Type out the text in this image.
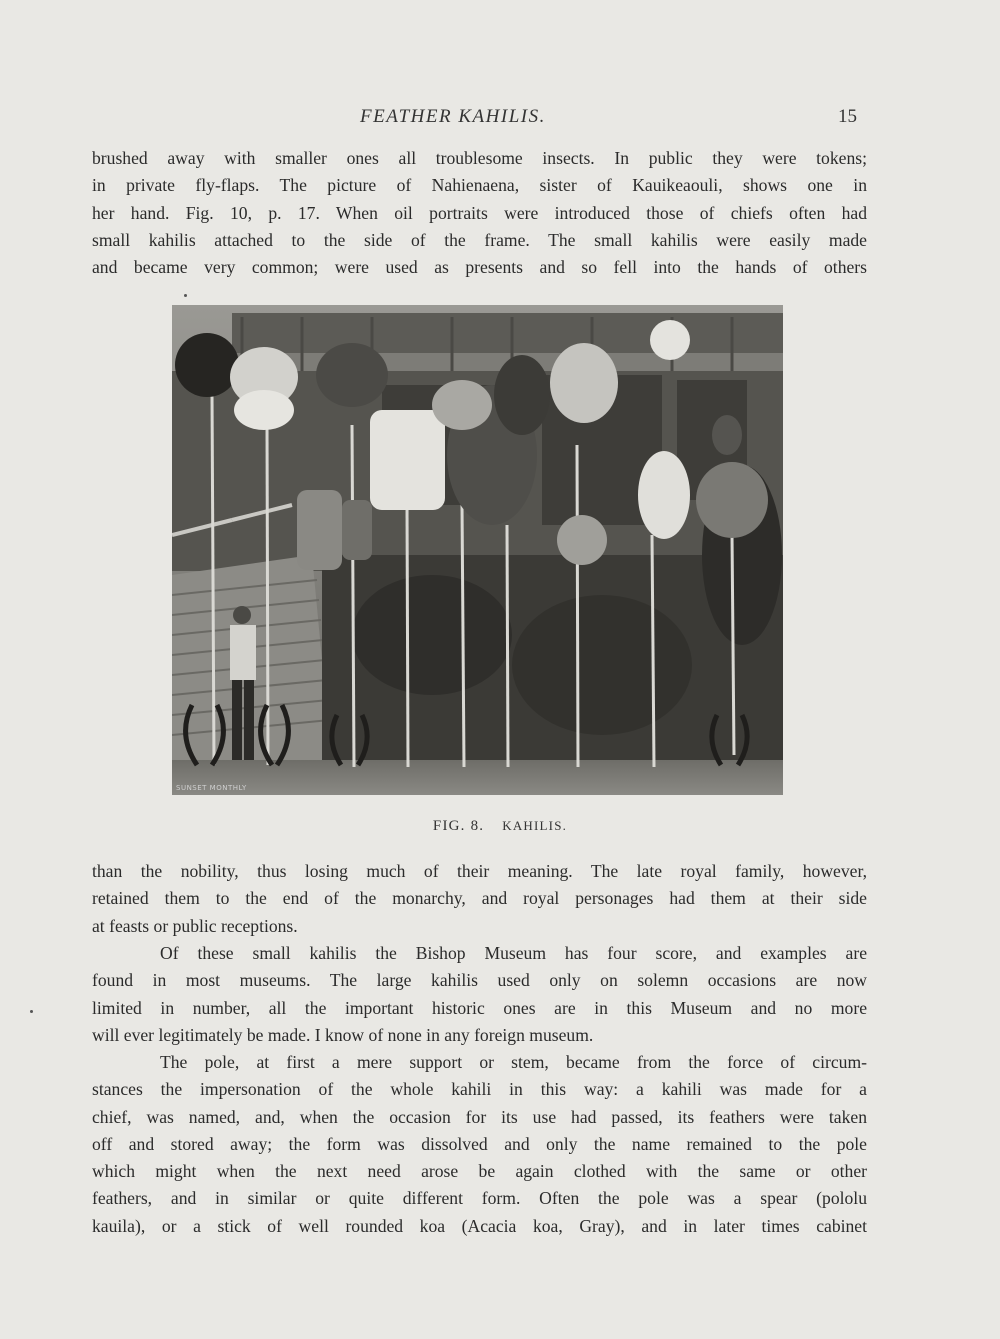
FEATHER KAHILIS.	15
brushed away with smaller ones all troublesome insects. In public they were tokens;
in private fly-flaps. The picture of Nahienaena, sister of Kauikeaouli, shows one in
her hand. Fig. 10, p. 17. When oil portraits were introduced those of chiefs often had
small kahilis attached to the side of the frame. The small kahilis were easily made
and became very common; were used as presents and so fell into the hands of others
SUNSET MONTHLY
FIG. 8. KAHILIS.
than the nobility, thus losing much of their meaning. The late royal family, however,
retained them to the end of the monarchy, and royal personages had them at their side
at feasts or public receptions.
Of these small kahilis the Bishop Museum has four score, and examples are
found in most museums. The large kahilis used only on solemn occasions are now
limited in number, all the important historic ones are in this Museum and no more
will ever legitimately be made. I know of none in any foreign museum.
The pole, at first a mere support or stem, became from the force of circum-
stances the impersonation of the whole kahili in this way: a kahili was made for a
chief, was named, and, when the occasion for its use had passed, its feathers were taken
off and stored away; the form was dissolved and only the name remained to the pole
which might when the next need arose be again clothed with the same or other
feathers, and in similar or quite different form. Often the pole was a spear (pololu
kauila), or a stick of well rounded koa (Acacia koa, Gray), and in later times cabinet
